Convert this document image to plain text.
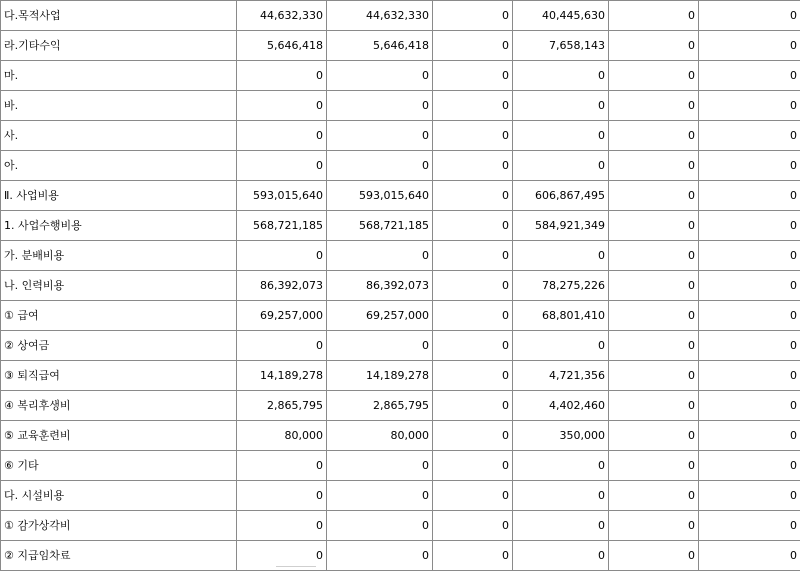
다.목적사업	44,632,330	44,632,330	0	40,445,630	0	0
라.기타수익	5,646,418	5,646,418	0	7,658,143	0	0
마.	0	0	0	0	0	0
바.	0	0	0	0	0	0
사.	0	0	0	0	0	0
아.	0	0	0	0	0	0
Ⅱ. 사업비용	593,015,640	593,015,640	0	606,867,495	0	0
1. 사업수행비용	568,721,185	568,721,185	0	584,921,349	0	0
가. 분배비용	0	0	0	0	0	0
나. 인력비용	86,392,073	86,392,073	0	78,275,226	0	0
① 급여	69,257,000	69,257,000	0	68,801,410	0	0
② 상여금	0	0	0	0	0	0
③ 퇴직급여	14,189,278	14,189,278	0	4,721,356	0	0
④ 복리후생비	2,865,795	2,865,795	0	4,402,460	0	0
⑤ 교육훈련비	80,000	80,000	0	350,000	0	0
⑥ 기타	0	0	0	0	0	0
다. 시설비용	0	0	0	0	0	0
① 감가상각비	0	0	0	0	0	0
② 지급임차료	0	0	0	0	0	0
